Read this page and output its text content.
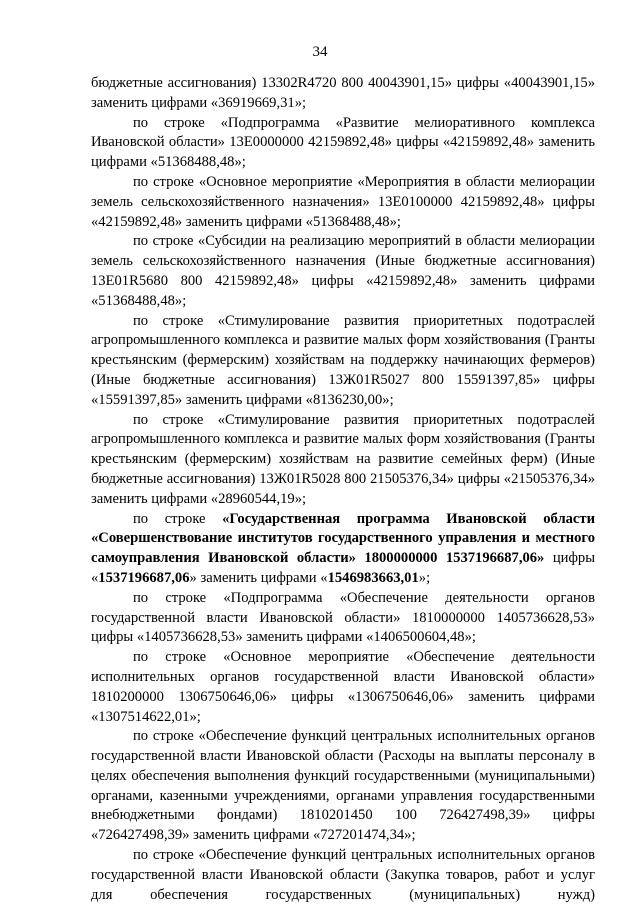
34

бюджетные ассигнования) 13302R4720 800 40043901,15» цифры «40043901,15» заменить цифрами «36919669,31»;

по строке «Подпрограмма «Развитие мелиоративного комплекса Ивановской области» 13E0000000 42159892,48» цифры «42159892,48» заменить цифрами «51368488,48»;

по строке «Основное мероприятие «Мероприятия в области мелиорации земель сельскохозяйственного назначения» 13E0100000 42159892,48» цифры «42159892,48» заменить цифрами «51368488,48»;

по строке «Субсидии на реализацию мероприятий в области мелиорации земель сельскохозяйственного назначения (Иные бюджетные ассигнования) 13E01R5680 800 42159892,48» цифры «42159892,48» заменить цифрами «51368488,48»;

по строке «Стимулирование развития приоритетных подотраслей агропромышленного комплекса и развитие малых форм хозяйствования (Гранты крестьянским (фермерским) хозяйствам на поддержку начинающих фермеров) (Иные бюджетные ассигнования) 13Ж01R5027 800 15591397,85» цифры «15591397,85» заменить цифрами «8136230,00»;

по строке «Стимулирование развития приоритетных подотраслей агропромышленного комплекса и развитие малых форм хозяйствования (Гранты крестьянским (фермерским) хозяйствам на развитие семейных ферм) (Иные бюджетные ассигнования) 13Ж01R5028 800 21505376,34» цифры «21505376,34» заменить цифрами «28960544,19»;

по строке «Государственная программа Ивановской области «Совершенствование институтов государственного управления и местного самоуправления Ивановской области» 1800000000 1537196687,06» цифры «1537196687,06» заменить цифрами «1546983663,01»;

по строке «Подпрограмма «Обеспечение деятельности органов государственной власти Ивановской области» 1810000000 1405736628,53» цифры «1405736628,53» заменить цифрами «1406500604,48»;

по строке «Основное мероприятие «Обеспечение деятельности исполнительных органов государственной власти Ивановской области» 1810200000 1306750646,06» цифры «1306750646,06» заменить цифрами «1307514622,01»;

по строке «Обеспечение функций центральных исполнительных органов государственной власти Ивановской области (Расходы на выплаты персоналу в целях обеспечения выполнения функций государственными (муниципальными) органами, казенными учреждениями, органами управления государственными внебюджетными фондами) 1810201450 100 726427498,39» цифры «726427498,39» заменить цифрами «727201474,34»;

по строке «Обеспечение функций центральных исполнительных органов государственной власти Ивановской области (Закупка товаров, работ и услуг для обеспечения государственных (муниципальных) нужд)
